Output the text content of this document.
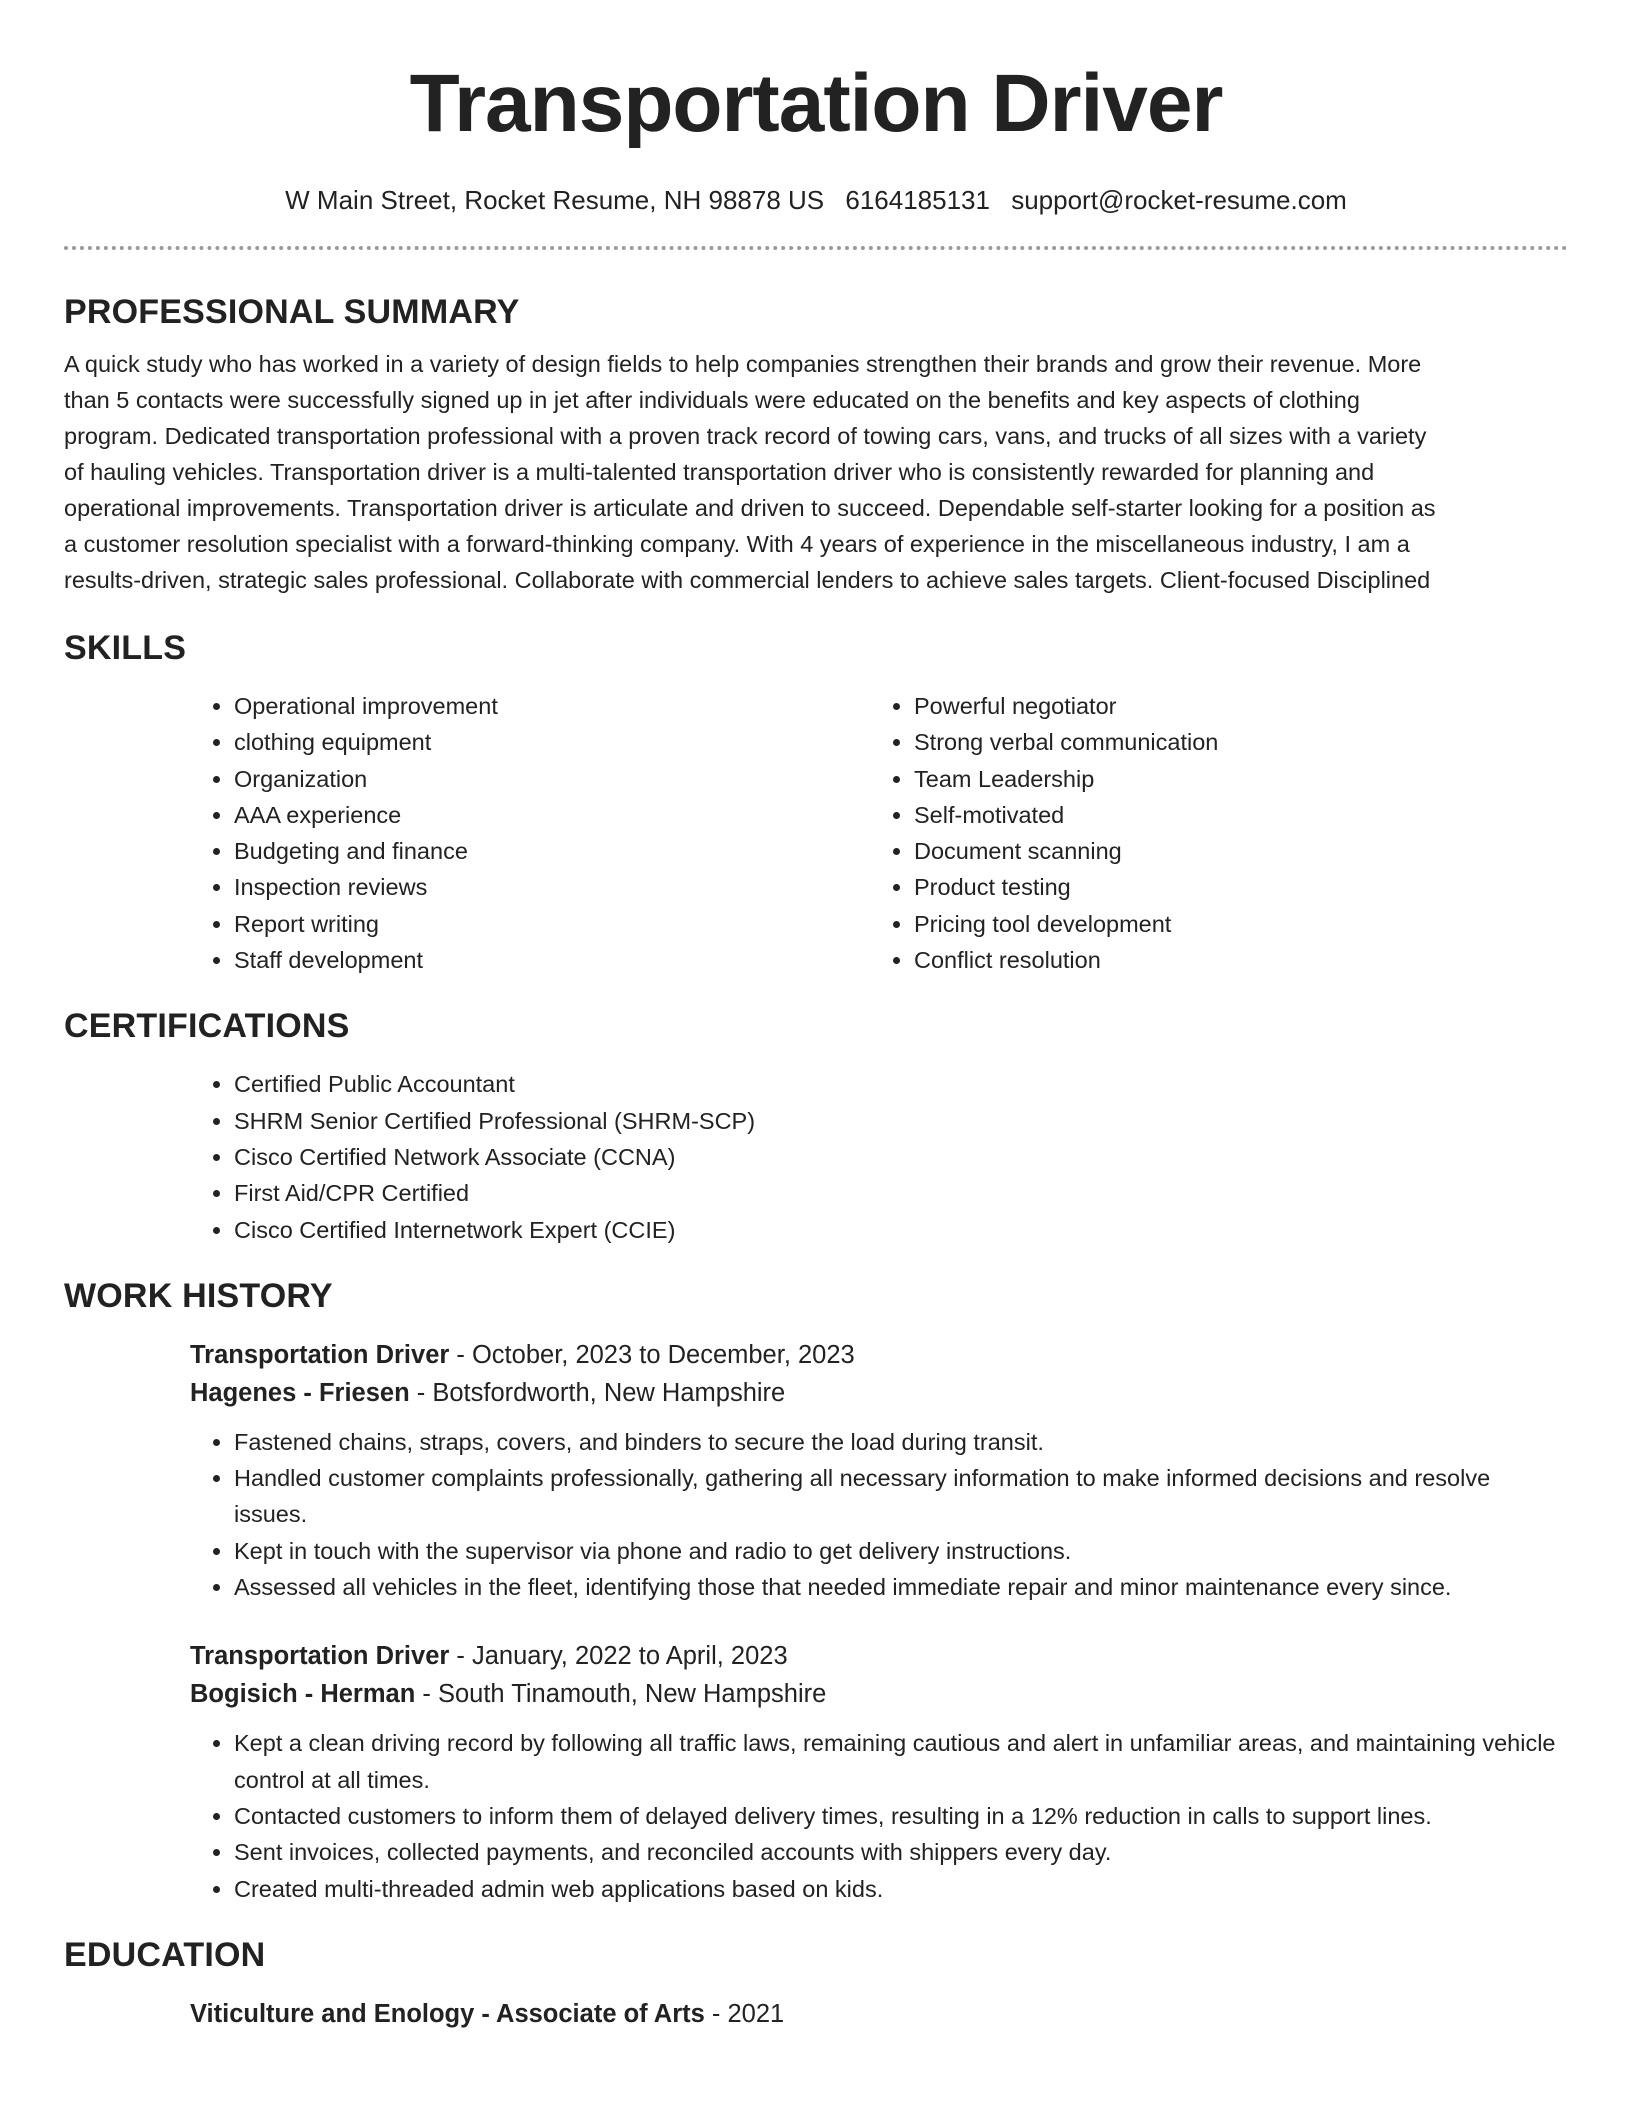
Transportation Driver
W Main Street, Rocket Resume, NH 98878 US 6164185131 support@rocket-resume.com
PROFESSIONAL SUMMARY

A quick study who has worked in a variety of design fields to help companies strengthen their brands and grow their revenue. More than 5 contacts were successfully signed up in jet after individuals were educated on the benefits and key aspects of clothing program. Dedicated transportation professional with a proven track record of towing cars, vans, and trucks of all sizes with a variety of hauling vehicles. Transportation driver is a multi-talented transportation driver who is consistently rewarded for planning and operational improvements. Transportation driver is articulate and driven to succeed. Dependable self-starter looking for a position as a customer resolution specialist with a forward-thinking company. With 4 years of experience in the miscellaneous industry, I am a results-driven, strategic sales professional. Collaborate with commercial lenders to achieve sales targets. Client-focused Disciplined

SKILLS
• Operational improvement
• clothing equipment
• Organization
• AAA experience
• Budgeting and finance
• Inspection reviews
• Report writing
• Staff development
• Powerful negotiator
• Strong verbal communication
• Team Leadership
• Self-motivated
• Document scanning
• Product testing
• Pricing tool development
• Conflict resolution
CERTIFICATIONS
• Certified Public Accountant
• SHRM Senior Certified Professional (SHRM-SCP)
• Cisco Certified Network Associate (CCNA)
• First Aid/CPR Certified
• Cisco Certified Internetwork Expert (CCIE)
WORK HISTORY
Transportation Driver - October, 2023 to December, 2023
Hagenes - Friesen - Botsfordworth, New Hampshire
• Fastened chains, straps, covers, and binders to secure the load during transit.
• Handled customer complaints professionally, gathering all necessary information to make informed decisions and resolve issues.
• Kept in touch with the supervisor via phone and radio to get delivery instructions.
• Assessed all vehicles in the fleet, identifying those that needed immediate repair and minor maintenance every since.
Transportation Driver - January, 2022 to April, 2023
Bogisich - Herman - South Tinamouth, New Hampshire
• Kept a clean driving record by following all traffic laws, remaining cautious and alert in unfamiliar areas, and maintaining vehicle control at all times.
• Contacted customers to inform them of delayed delivery times, resulting in a 12% reduction in calls to support lines.
• Sent invoices, collected payments, and reconciled accounts with shippers every day.
• Created multi-threaded admin web applications based on kids.
EDUCATION
Viticulture and Enology - Associate of Arts - 2021
